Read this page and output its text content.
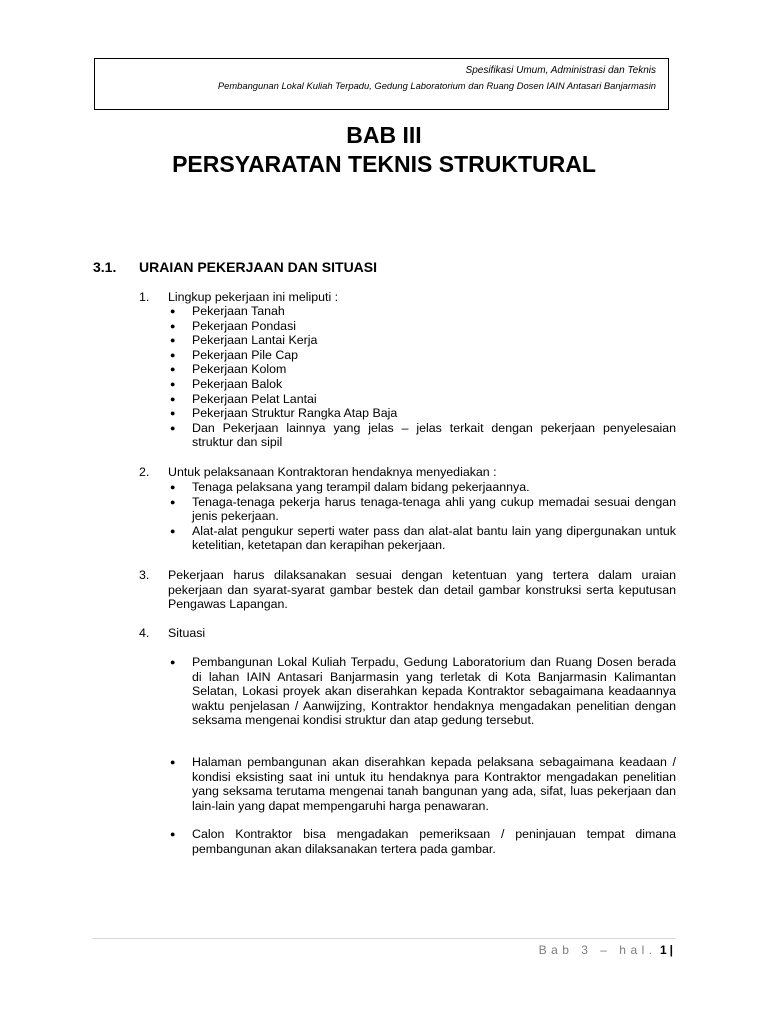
Spesifikasi Umum, Administrasi dan Teknis
Pembangunan Lokal Kuliah Terpadu, Gedung Laboratorium dan Ruang Dosen IAIN Antasari Banjarmasin
BAB III
PERSYARATAN TEKNIS STRUKTURAL
3.1. URAIAN PEKERJAAN DAN SITUASI
1. Lingkup pekerjaan ini meliputi :
● Pekerjaan Tanah
● Pekerjaan Pondasi
● Pekerjaan Lantai Kerja
● Pekerjaan Pile Cap
● Pekerjaan Kolom
● Pekerjaan Balok
● Pekerjaan Pelat Lantai
● Pekerjaan Struktur Rangka Atap Baja
● Dan Pekerjaan lainnya yang jelas – jelas terkait dengan pekerjaan penyelesaian struktur dan sipil
2. Untuk pelaksanaan Kontraktoran hendaknya menyediakan :
● Tenaga pelaksana yang terampil dalam bidang pekerjaannya.
● Tenaga-tenaga pekerja harus tenaga-tenaga ahli yang cukup memadai sesuai dengan jenis pekerjaan.
● Alat-alat pengukur seperti water pass dan alat-alat bantu lain yang dipergunakan untuk ketelitian, ketetapan dan kerapihan pekerjaan.
3. Pekerjaan harus dilaksanakan sesuai dengan ketentuan yang tertera dalam uraian pekerjaan dan syarat-syarat gambar bestek dan detail gambar konstruksi serta keputusan Pengawas Lapangan.

4. Situasi
● Pembangunan Lokal Kuliah Terpadu, Gedung Laboratorium dan Ruang Dosen berada di lahan IAIN Antasari Banjarmasin yang terletak di Kota Banjarmasin Kalimantan Selatan, Lokasi proyek akan diserahkan kepada Kontraktor sebagaimana keadaannya waktu penjelasan / Aanwijzing, Kontraktor hendaknya mengadakan penelitian dengan seksama mengenai kondisi struktur dan atap gedung tersebut.
● Halaman pembangunan akan diserahkan kepada pelaksana sebagaimana keadaan / kondisi eksisting saat ini untuk itu hendaknya para Kontraktor mengadakan penelitian yang seksama terutama mengenai tanah bangunan yang ada, sifat, luas pekerjaan dan lain-lain yang dapat mempengaruhi harga penawaran.
● Calon Kontraktor bisa mengadakan pemeriksaan / peninjauan tempat dimana pembangunan akan dilaksanakan tertera pada gambar.
Bab 3 – hal. 1|
